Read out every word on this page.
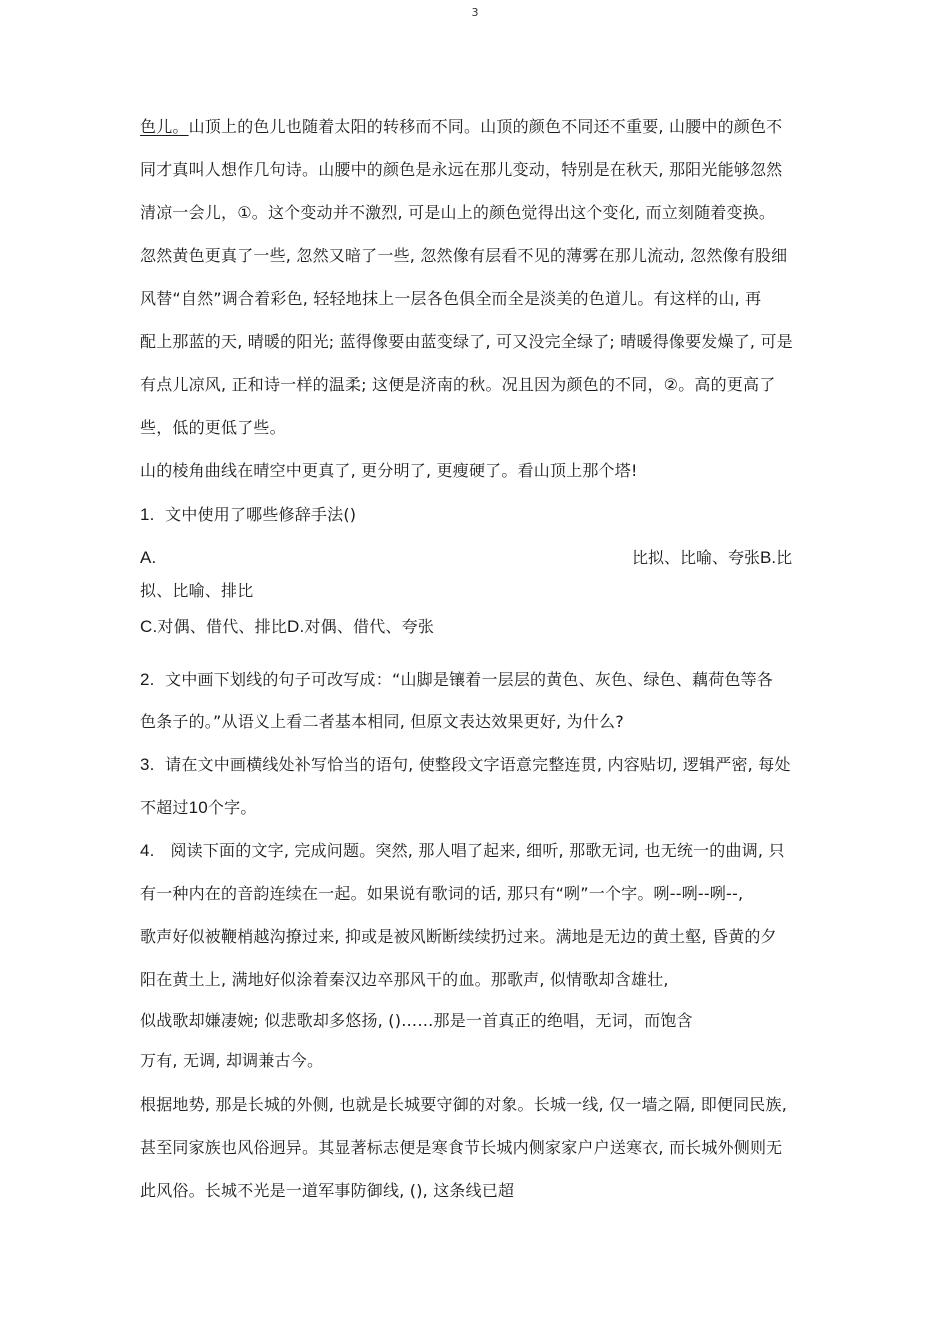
3
色儿。山顶上的色儿也随着太阳的转移而不同。山顶的颜色不同还不重要, 山腰中的颜色不
同才真叫人想作几句诗。山腰中的颜色是永远在那儿变动，特别是在秋天, 那阳光能够忽然
清凉一会儿，①。这个变动并不激烈, 可是山上的颜色觉得出这个变化, 而立刻随着变换。
忽然黄色更真了一些, 忽然又暗了一些, 忽然像有层看不见的薄雾在那儿流动, 忽然像有股细
风替“自然”调合着彩色, 轻轻地抹上一层各色俱全而全是淡美的色道儿。有这样的山, 再
配上那蓝的天, 晴暖的阳光; 蓝得像要由蓝变绿了, 可又没完全绿了; 晴暖得像要发燥了, 可是
有点儿凉风, 正和诗一样的温柔; 这便是济南的秋。况且因为颜色的不同，②。高的更高了
些，低的更低了些。
山的棱角曲线在晴空中更真了, 更分明了, 更瘦硬了。看山顶上那个塔!
1. 文中使用了哪些修辞手法()
A.	比拟、比喻、夸张B.比
拟、比喻、排比
C.对偶、借代、排比D.对偶、借代、夸张
2. 文中画下划线的句子可改写成：“山脚是镶着一层层的黄色、灰色、绿色、藕荷色等各
色条子的。”从语义上看二者基本相同, 但原文表达效果更好, 为什么?
3. 请在文中画横线处补写恰当的语句, 使整段文字语意完整连贯, 内容贴切, 逻辑严密, 每处
不超过10个字。
4. 阅读下面的文字, 完成问题。突然, 那人唱了起来, 细听, 那歌无词, 也无统一的曲调, 只
有一种内在的音韵连续在一起。如果说有歌词的话, 那只有“咧”一个字。咧--咧--咧--,
歌声好似被鞭梢越沟撩过来, 抑或是被风断断续续扔过来。满地是无边的黄土壑, 昏黄的夕
阳在黄土上, 满地好似涂着秦汉边卒那风干的血。那歌声, 似情歌却含雄壮,
似战歌却嫌凄婉; 似悲歌却多悠扬, ()……那是一首真正的绝唱，无词，而饱含
万有, 无调, 却调兼古今。
根据地势, 那是长城的外侧, 也就是长城要守御的对象。长城一线, 仅一墙之隔, 即便同民族,
甚至同家族也风俗迥异。其显著标志便是寒食节长城内侧家家户户送寒衣, 而长城外侧则无
此风俗。长城不光是一道军事防御线, (), 这条线已超
